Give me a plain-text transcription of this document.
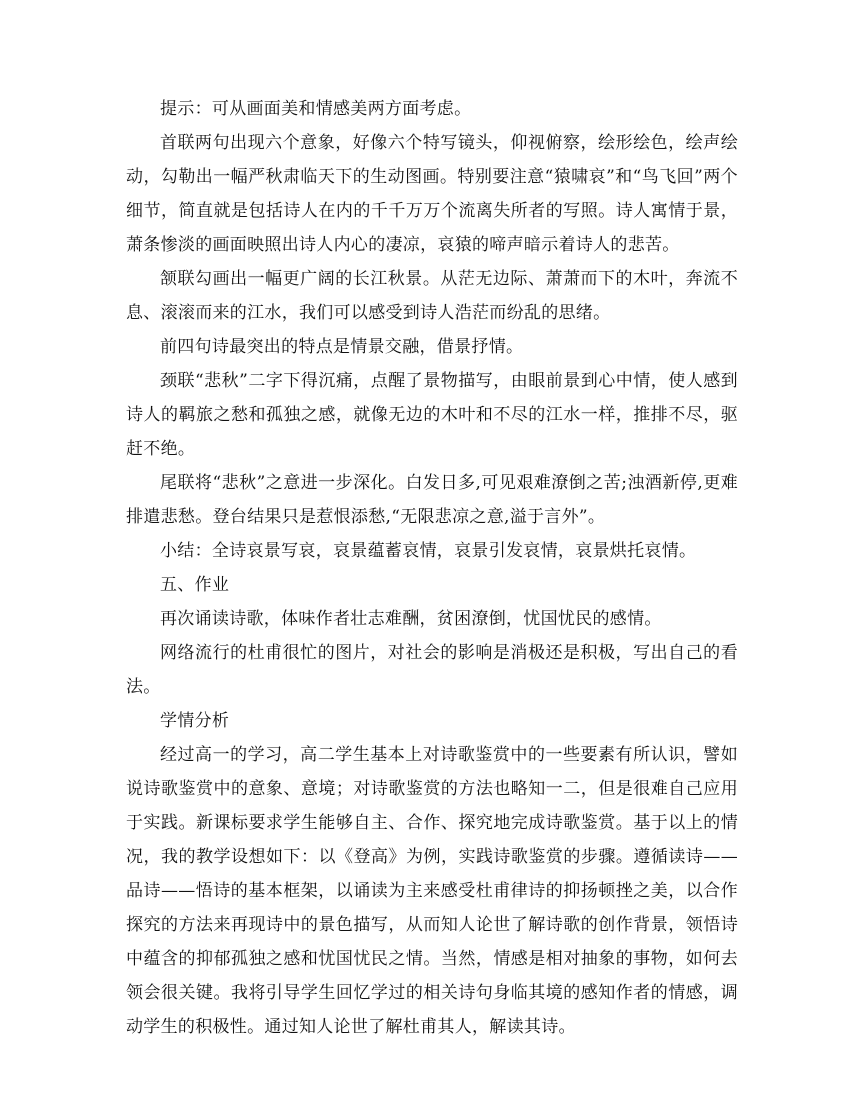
提示：可从画面美和情感美两方面考虑。

首联两句出现六个意象，好像六个特写镜头，仰视俯察，绘形绘色，绘声绘动，勾勒出一幅严秋肃临天下的生动图画。特别要注意“猿啸哀”和“鸟飞回”两个细节，简直就是包括诗人在内的千千万万个流离失所者的写照。诗人寓情于景，萧条惨淡的画面映照出诗人内心的凄凉，哀猿的啼声暗示着诗人的悲苦。

颔联勾画出一幅更广阔的长江秋景。从茫无边际、萧萧而下的木叶，奔流不息、滚滚而来的江水，我们可以感受到诗人浩茫而纷乱的思绪。

前四句诗最突出的特点是情景交融，借景抒情。

颈联“悲秋”二字下得沉痛，点醒了景物描写，由眼前景到心中情，使人感到诗人的羁旅之愁和孤独之感，就像无边的木叶和不尽的江水一样，推排不尽，驱赶不绝。

尾联将“悲秋”之意进一步深化。白发日多,可见艰难潦倒之苦;浊酒新停,更难排遣悲愁。登台结果只是惹恨添愁,“无限悲凉之意,溢于言外”。

小结：全诗哀景写哀，哀景蕴蓄哀情，哀景引发哀情，哀景烘托哀情。

五、作业

再次诵读诗歌，体味作者壮志难酬，贫困潦倒，忧国忧民的感情。

网络流行的杜甫很忙的图片，对社会的影响是消极还是积极，写出自己的看法。

学情分析

经过高一的学习，高二学生基本上对诗歌鉴赏中的一些要素有所认识，譬如说诗歌鉴赏中的意象、意境；对诗歌鉴赏的方法也略知一二，但是很难自己应用于实践。新课标要求学生能够自主、合作、探究地完成诗歌鉴赏。基于以上的情况，我的教学设想如下：以《登高》为例，实践诗歌鉴赏的步骤。遵循读诗——品诗——悟诗的基本框架，以诵读为主来感受杜甫律诗的抑扬顿挫之美，以合作探究的方法来再现诗中的景色描写，从而知人论世了解诗歌的创作背景，领悟诗中蕴含的抑郁孤独之感和忧国忧民之情。当然，情感是相对抽象的事物，如何去领会很关键。我将引导学生回忆学过的相关诗句身临其境的感知作者的情感，调动学生的积极性。通过知人论世了解杜甫其人，解读其诗。
